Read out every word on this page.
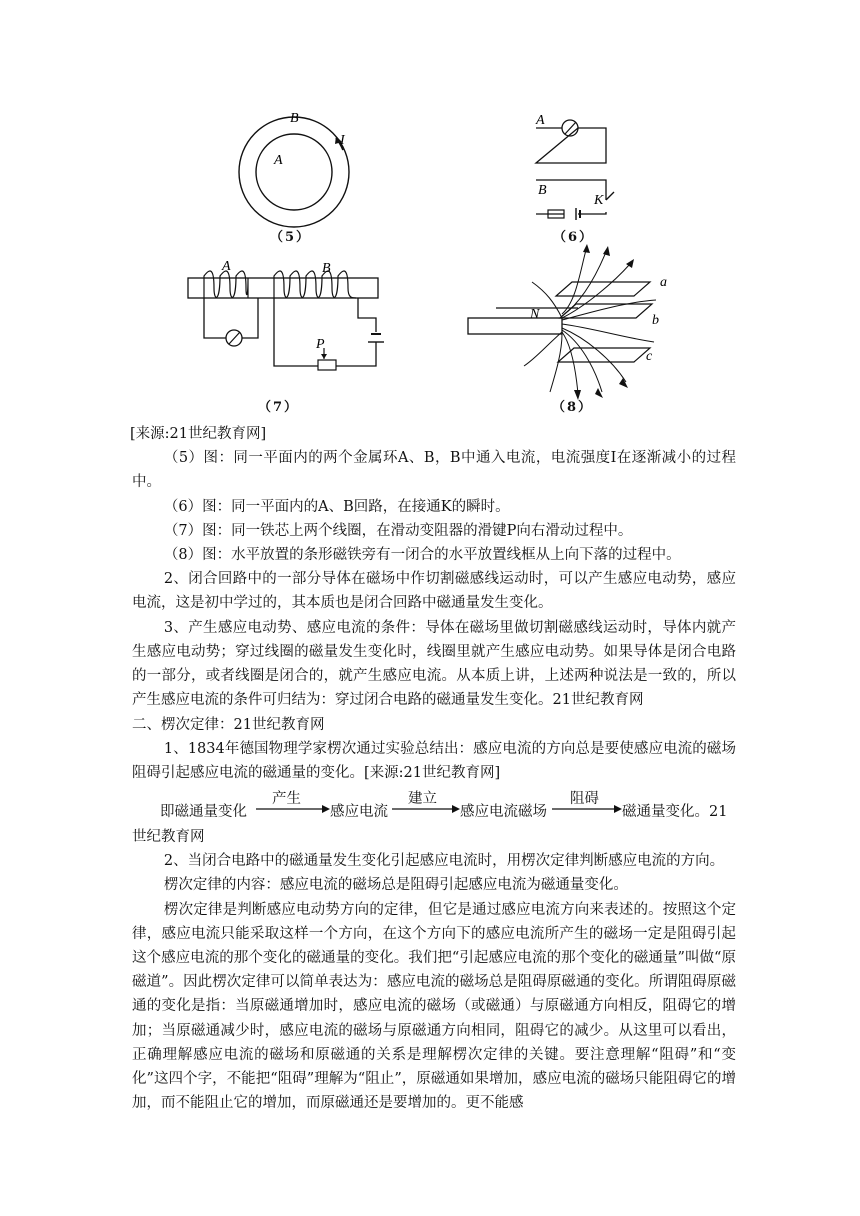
B
A
I
（5）
A
B
K
（6）
A	B
P
（7）
N
a
b
c
（8）

[来源:21世纪教育网]

（5）图：同一平面内的两个金属环A、B，B中通入电流，电流强度I在逐渐减小的过程中。

（6）图：同一平面内的A、B回路，在接通K的瞬时。

（7）图：同一铁芯上两个线圈，在滑动变阻器的滑键P向右滑动过程中。

（8）图：水平放置的条形磁铁旁有一闭合的水平放置线框从上向下落的过程中。

2、闭合回路中的一部分导体在磁场中作切割磁感线运动时，可以产生感应电动势，感应电流，这是初中学过的，其本质也是闭合回路中磁通量发生变化。

3、产生感应电动势、感应电流的条件：导体在磁场里做切割磁感线运动时，导体内就产生感应电动势；穿过线圈的磁量发生变化时，线圈里就产生感应电动势。如果导体是闭合电路的一部分，或者线圈是闭合的，就产生感应电流。从本质上讲，上述两种说法是一致的，所以产生感应电流的条件可归结为：穿过闭合电路的磁通量发生变化。21世纪教育网

二、楞次定律：21世纪教育网

1、1834年德国物理学家楞次通过实验总结出：感应电流的方向总是要使感应电流的磁场阻碍引起感应电流的磁通量的变化。[来源:21世纪教育网]

即磁通量变化
产生
感应电流
建立
感应电流磁场
阻碍
磁通量变化。21

世纪教育网

2、当闭合电路中的磁通量发生变化引起感应电流时，用楞次定律判断感应电流的方向。

楞次定律的内容：感应电流的磁场总是阻碍引起感应电流为磁通量变化。

楞次定律是判断感应电动势方向的定律，但它是通过感应电流方向来表述的。按照这个定律，感应电流只能采取这样一个方向，在这个方向下的感应电流所产生的磁场一定是阻碍引起这个感应电流的那个变化的磁通量的变化。我们把“引起感应电流的那个变化的磁通量”叫做“原磁道”。因此楞次定律可以简单表达为：感应电流的磁场总是阻碍原磁通的变化。所谓阻碍原磁通的变化是指：当原磁通增加时，感应电流的磁场（或磁通）与原磁通方向相反，阻碍它的增加；当原磁通减少时，感应电流的磁场与原磁通方向相同，阻碍它的减少。从这里可以看出，正确理解感应电流的磁场和原磁通的关系是理解楞次定律的关键。要注意理解“阻碍”和“变化”这四个字，不能把“阻碍”理解为“阻止”，原磁通如果增加，感应电流的磁场只能阻碍它的增加，而不能阻止它的增加，而原磁通还是要增加的。更不能感
